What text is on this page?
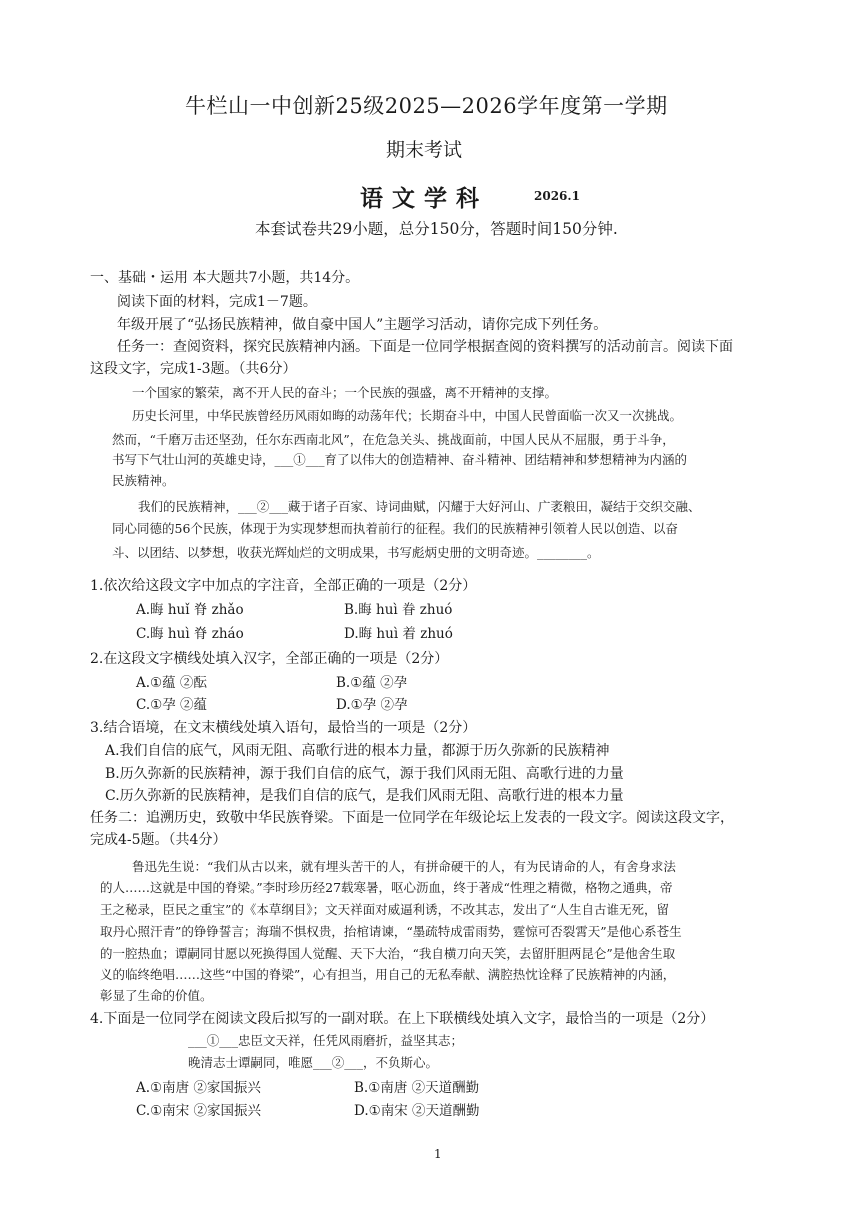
牛栏山一中创新25级2025—2026学年度第一学期
期末考试
语文学科	2026.1
本套试卷共29小题，总分150分，答题时间150分钟.
一、基础・运用 本大题共7小题，共14分。
阅读下面的材料，完成1－7题。
年级开展了“弘扬民族精神，做自豪中国人”主题学习活动，请你完成下列任务。
任务一：查阅资料，探究民族精神内涵。下面是一位同学根据查阅的资料撰写的活动前言。阅读下面
这段文字，完成1-3题。（共6分）
一个国家的繁荣，离不开人民的奋斗；一个民族的强盛，离不开精神的支撑。
历史长河里，中华民族曾经历风雨如晦的动荡年代；长期奋斗中，中国人民曾面临一次又一次挑战。
然而，“千磨万击还坚劲，任尔东西南北风”，在危急关头、挑战面前，中国人民从不屈服，勇于斗争，
书写下气壮山河的英雄史诗，___①___育了以伟大的创造精神、奋斗精神、团结精神和梦想精神为内涵的
民族精神。
我们的民族精神，___②___藏于诸子百家、诗词曲赋，闪耀于大好河山、广袤粮田，凝结于交织交融、
同心同德的56个民族，体现于为实现梦想而执着前行的征程。我们的民族精神引领着人民以创造、以奋
斗、以团结、以梦想，收获光辉灿烂的文明成果，书写彪炳史册的文明奇迹。________。
1.依次给这段文字中加点的字注音，全部正确的一项是（2分）
A.晦 huǐ 脊 zhǎo	B.晦 huì 眷 zhuó
C.晦 huì 脊 zháo	D.晦 huì 着 zhuó
2.在这段文字横线处填入汉字，全部正确的一项是（2分）
A.①蕴 ②酝	B.①蕴 ②孕
C.①孕 ②蕴	D.①孕 ②孕
3.结合语境，在文末横线处填入语句，最恰当的一项是（2分）
A.我们自信的底气，风雨无阻、高歌行进的根本力量，都源于历久弥新的民族精神
B.历久弥新的民族精神，源于我们自信的底气，源于我们风雨无阻、高歌行进的力量
C.历久弥新的民族精神，是我们自信的底气，是我们风雨无阻、高歌行进的根本力量
任务二：追溯历史，致敬中华民族脊梁。下面是一位同学在年级论坛上发表的一段文字。阅读这段文字，
完成4-5题。（共4分）
鲁迅先生说：“我们从古以来，就有埋头苦干的人，有拼命硬干的人，有为民请命的人，有舍身求法
的人……这就是中国的脊梁。”李时珍历经27载寒暑，呕心沥血，终于著成“性理之精微，格物之通典，帝
王之秘录，臣民之重宝”的《本草纲目》；文天祥面对威逼利诱，不改其志，发出了“人生自古谁无死，留
取丹心照汗青”的铮铮誓言；海瑞不惧权贵，抬棺请谏，“墨疏特成雷雨势，霆惊可否裂霄天”是他心系苍生
的一腔热血；谭嗣同甘愿以死换得国人觉醒、天下大治，“我自横刀向天笑，去留肝胆两昆仑”是他舍生取
义的临终绝唱……这些“中国的脊梁”，心有担当，用自己的无私奉献、满腔热忱诠释了民族精神的内涵，
彰显了生命的价值。
4.下面是一位同学在阅读文段后拟写的一副对联。在上下联横线处填入文字，最恰当的一项是（2分）
___①___忠臣文天祥，任凭风雨磨折，益坚其志；
晚清志士谭嗣同，唯愿___②___，不负斯心。
A.①南唐 ②家国振兴	B.①南唐 ②天道酬勤
C.①南宋 ②家国振兴	D.①南宋 ②天道酬勤
1
